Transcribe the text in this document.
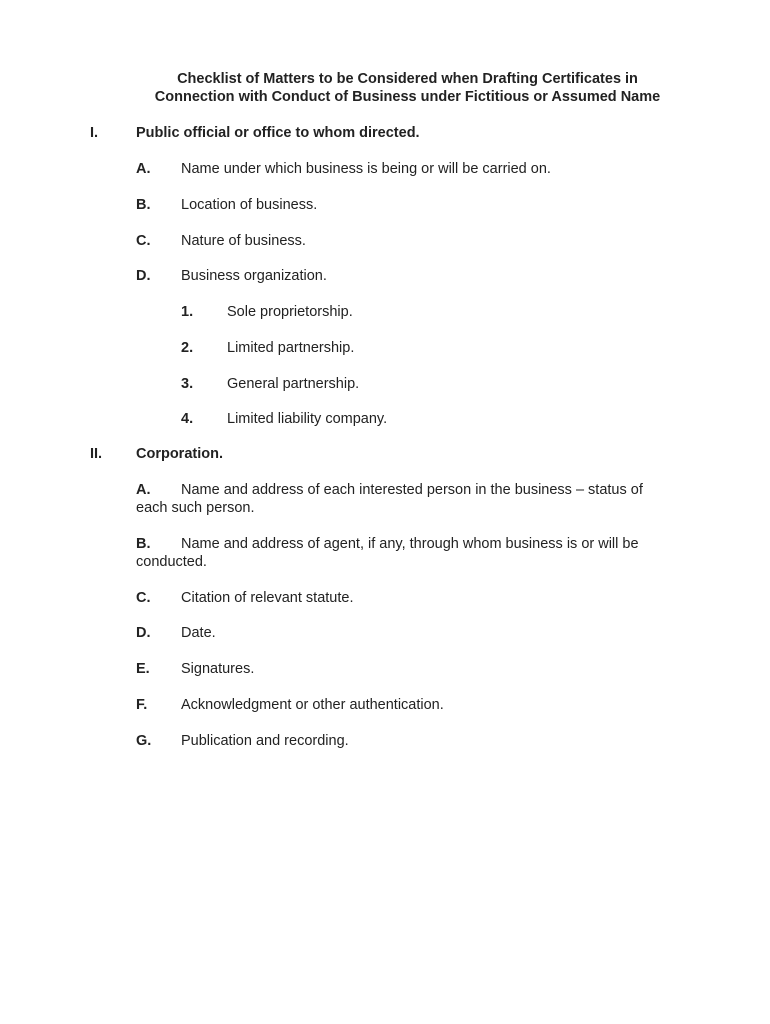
Checklist of Matters to be Considered when Drafting Certificates in
Connection with Conduct of Business under Fictitious or Assumed Name
I.	Public official or office to whom directed.
A. Name under which business is being or will be carried on.
B. Location of business.
C. Nature of business.
D. Business organization.
1. Sole proprietorship.
2. Limited partnership.
3. General partnership.
4. Limited liability company.
II. Corporation.
A. Name and address of each interested person in the business – status of
each such person.
B. Name and address of agent, if any, through whom business is or will be
conducted.
C. Citation of relevant statute.
D. Date.
E. Signatures.
F. Acknowledgment or other authentication.
G. Publication and recording.
